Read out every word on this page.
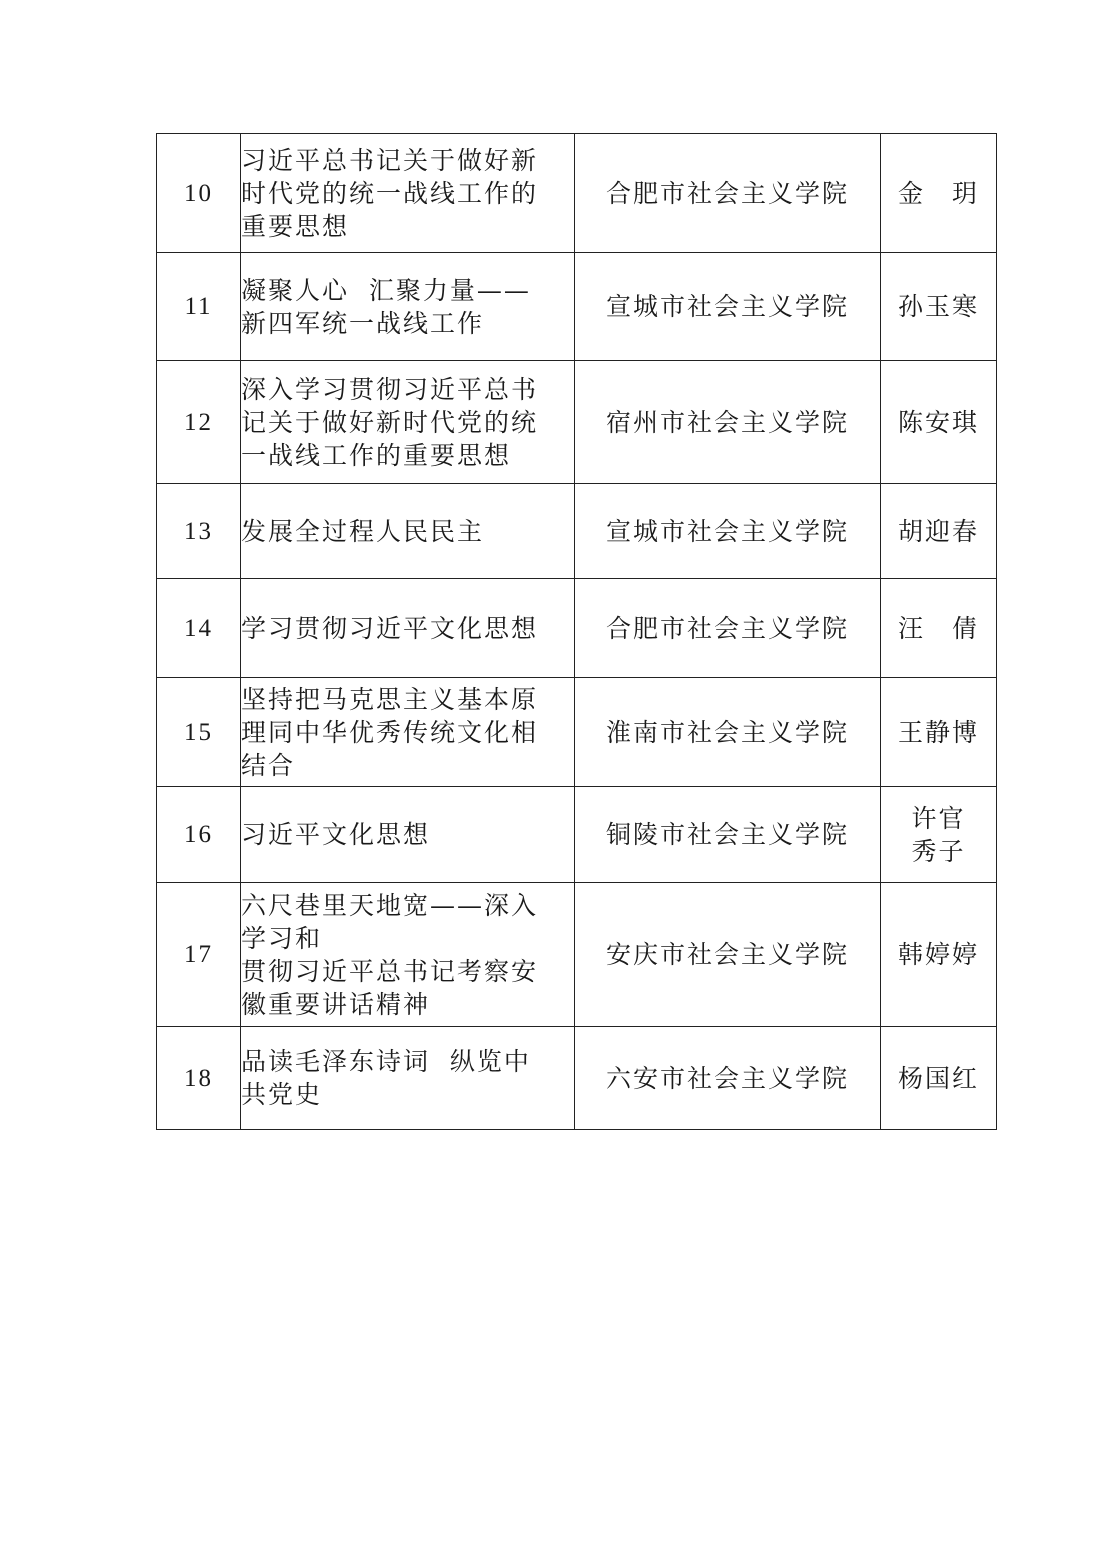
10	习近平总书记关于做好新
时代党的统一战线工作的
重要思想	合肥市社会主义学院	金　玥

11	凝聚人心  汇聚力量——
新四军统一战线工作	宣城市社会主义学院	孙玉寒

12	深入学习贯彻习近平总书
记关于做好新时代党的统
一战线工作的重要思想	宿州市社会主义学院	陈安琪

13	发展全过程人民民主	宣城市社会主义学院	胡迎春

14	学习贯彻习近平文化思想	合肥市社会主义学院	汪　倩

15	坚持把马克思主义基本原
理同中华优秀传统文化相
结合	淮南市社会主义学院	王静博

16	习近平文化思想	铜陵市社会主义学院	许官
秀子

17	六尺巷里天地宽——深入
学习和
贯彻习近平总书记考察安
徽重要讲话精神	安庆市社会主义学院	韩婷婷

18	品读毛泽东诗词  纵览中
共党史	六安市社会主义学院	杨国红
